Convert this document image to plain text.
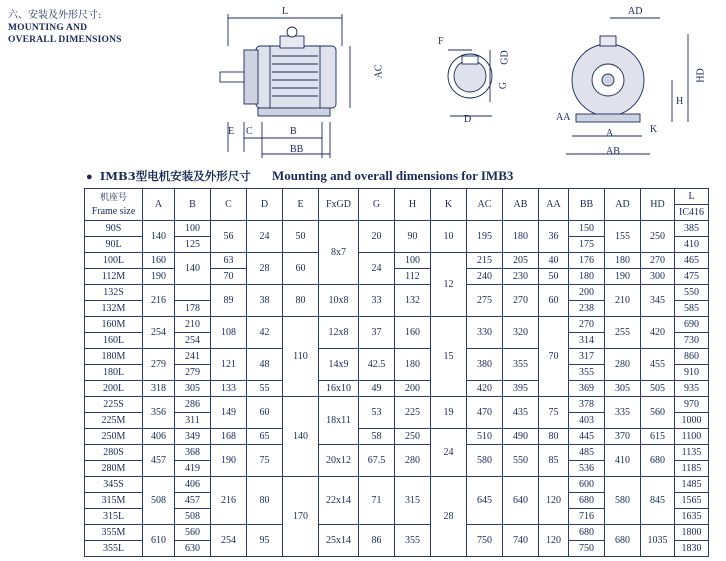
六、安装及外形尺寸:
MOUNTING AND
OVERALL DIMENSIONS
L
AC
E C	B
BB
F
GD
G
D
AD
HD
H
AA
A	K
AB
● IMB3型电机安装及外形尺寸 Mounting and overall dimensions for IMB3
机座号
Frame size	A	B	C	D	E	FxGD	G	H	K	AC	AB	AA	BB	AD	HD	L
																IC416
90S	140	100	56	24	50	8x7	20	90	10	195	180	36	150	155	250	385
90L		125											175			410
100L	160	140	63	28	60		24	100	12	215	205	40	176	180	270	465
112M	190		70					112		240	230	50	180	190	300	475
132S	216		89	38	80	10x8	33	132		275	270	60	200	210	345	550
132M		178											238			585
160M	254	210	108	42	110	12x8	37	160	15	330	320	70	270	255	420	690
160L		254											314			730
180M	279	241	121	48		14x9	42.5	180		380	355		317	280	455	860
180L		279											355			910
200L	318	305	133	55		16x10	49	200		420	395		369	305	505	935
225S	356	286	149	60	140	18x11	53	225	19	470	435	75	378	335	560	970
225M		311											403			1000
250M	406	349	168	65			58	250	24	510	490	80	445	370	615	1100
280S	457	368	190	75		20x12	67.5	280		580	550	85	485	410	680	1135
280M		419											536			1185
345S	508	406	216	80	170	22x14	71	315	28	645	640	120	600	580	845	1485
315M		457											680			1565
315L		508											716			1635
355M	610	560	254	95		25x14	86	355		750	740	120	680	680	1035	1800
355L		630											750			1830
